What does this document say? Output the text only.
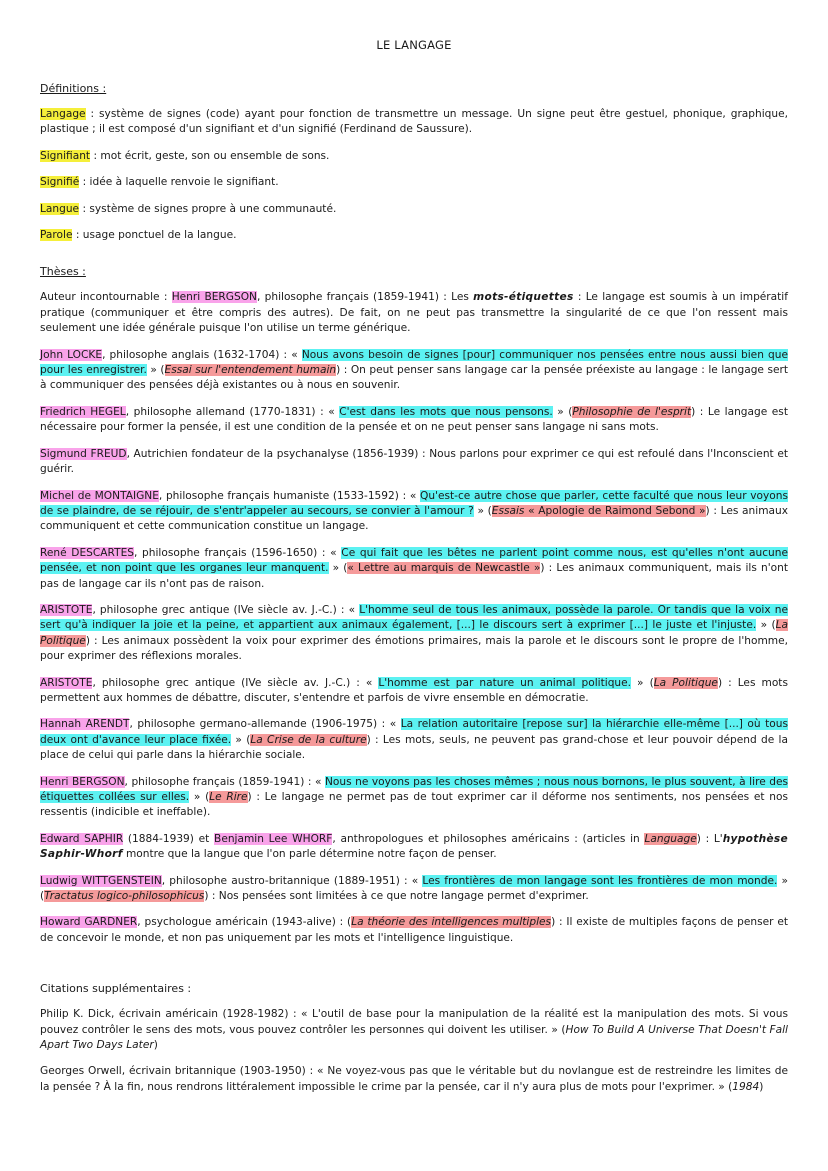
LE LANGAGE
Définitions :

Langage : système de signes (code) ayant pour fonction de transmettre un message. Un signe peut être gestuel, phonique, graphique, plastique ; il est composé d'un signifiant et d'un signifié (Ferdinand de Saussure).

Signifiant : mot écrit, geste, son ou ensemble de sons.

Signifié : idée à laquelle renvoie le signifiant.

Langue : système de signes propre à une communauté.

Parole : usage ponctuel de la langue.

Thèses :

Auteur incontournable : Henri BERGSON, philosophe français (1859-1941) : Les mots-étiquettes : Le langage est soumis à un impératif pratique (communiquer et être compris des autres). De fait, on ne peut pas transmettre la singularité de ce que l'on ressent mais seulement une idée générale puisque l'on utilise un terme générique.

John LOCKE, philosophe anglais (1632-1704) : « Nous avons besoin de signes [pour] communiquer nos pensées entre nous aussi bien que pour les enregistrer. » (Essai sur l'entendement humain) : On peut penser sans langage car la pensée préexiste au langage : le langage sert à communiquer des pensées déjà existantes ou à nous en souvenir.

Friedrich HEGEL, philosophe allemand (1770-1831) : « C'est dans les mots que nous pensons. » (Philosophie de l'esprit) : Le langage est nécessaire pour former la pensée, il est une condition de la pensée et on ne peut penser sans langage ni sans mots.

Sigmund FREUD, Autrichien fondateur de la psychanalyse (1856-1939) : Nous parlons pour exprimer ce qui est refoulé dans l'Inconscient et guérir.

Michel de MONTAIGNE, philosophe français humaniste (1533-1592) : « Qu'est-ce autre chose que parler, cette faculté que nous leur voyons de se plaindre, de se réjouir, de s'entr'appeler au secours, se convier à l'amour ? » (Essais « Apologie de Raimond Sebond ») : Les animaux communiquent et cette communication constitue un langage.

René DESCARTES, philosophe français (1596-1650) : « Ce qui fait que les bêtes ne parlent point comme nous, est qu'elles n'ont aucune pensée, et non point que les organes leur manquent. » (« Lettre au marquis de Newcastle ») : Les animaux communiquent, mais ils n'ont pas de langage car ils n'ont pas de raison.

ARISTOTE, philosophe grec antique (IVe siècle av. J.-C.) : « L'homme seul de tous les animaux, possède la parole. Or tandis que la voix ne sert qu'à indiquer la joie et la peine, et appartient aux animaux également, [...] le discours sert à exprimer [...] le juste et l'injuste. » (La Politique) : Les animaux possèdent la voix pour exprimer des émotions primaires, mais la parole et le discours sont le propre de l'homme, pour exprimer des réflexions morales.

ARISTOTE, philosophe grec antique (IVe siècle av. J.-C.) : « L'homme est par nature un animal politique. » (La Politique) : Les mots permettent aux hommes de débattre, discuter, s'entendre et parfois de vivre ensemble en démocratie.

Hannah ARENDT, philosophe germano-allemande (1906-1975) : « La relation autoritaire [repose sur] la hiérarchie elle-même [...] où tous deux ont d'avance leur place fixée. » (La Crise de la culture) : Les mots, seuls, ne peuvent pas grand-chose et leur pouvoir dépend de la place de celui qui parle dans la hiérarchie sociale.

Henri BERGSON, philosophe français (1859-1941) : « Nous ne voyons pas les choses mêmes ; nous nous bornons, le plus souvent, à lire des étiquettes collées sur elles. » (Le Rire) : Le langage ne permet pas de tout exprimer car il déforme nos sentiments, nos pensées et nos ressentis (indicible et ineffable).

Edward SAPHIR (1884-1939) et Benjamin Lee WHORF, anthropologues et philosophes américains : (articles in Language) : L'hypothèse Saphir-Whorf montre que la langue que l'on parle détermine notre façon de penser.

Ludwig WITTGENSTEIN, philosophe austro-britannique (1889-1951) : « Les frontières de mon langage sont les frontières de mon monde. » (Tractatus logico-philosophicus) : Nos pensées sont limitées à ce que notre langage permet d'exprimer.

Howard GARDNER, psychologue américain (1943-alive) : (La théorie des intelligences multiples) : Il existe de multiples façons de penser et de concevoir le monde, et non pas uniquement par les mots et l'intelligence linguistique.

Citations supplémentaires :

Philip K. Dick, écrivain américain (1928-1982) : « L'outil de base pour la manipulation de la réalité est la manipulation des mots. Si vous pouvez contrôler le sens des mots, vous pouvez contrôler les personnes qui doivent les utiliser. » (How To Build A Universe That Doesn't Fall Apart Two Days Later)

Georges Orwell, écrivain britannique (1903-1950) : « Ne voyez-vous pas que le véritable but du novlangue est de restreindre les limites de la pensée ? À la fin, nous rendrons littéralement impossible le crime par la pensée, car il n'y aura plus de mots pour l'exprimer. » (1984)
